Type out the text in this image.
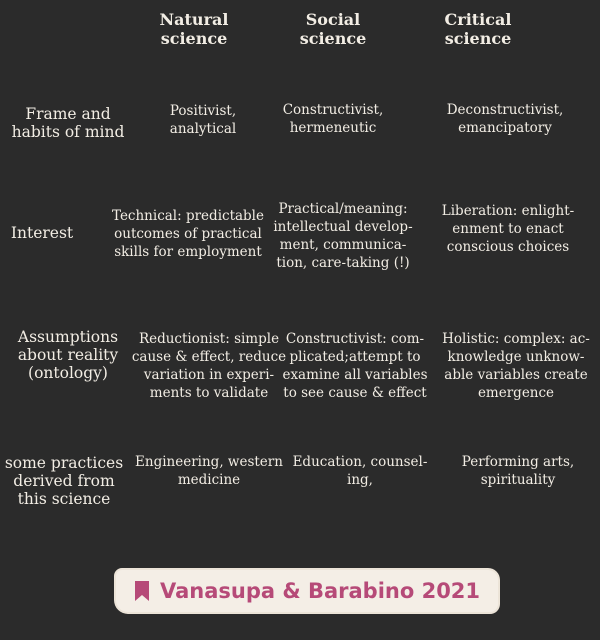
Natural
science
Social
science
Critical
science
Frame and
habits of mind
Positivist,
analytical
Constructivist,
hermeneutic
Deconstructivist,
emancipatory
Interest
Technical: predictable
outcomes of practical
skills for employment
Practical/meaning:
intellectual develop-
ment, communica-
tion, care-taking (!)
Liberation: enlight-
enment to enact
conscious choices
Assumptions
about reality
(ontology)
Reductionist: simple
cause & effect, reduce
variation in experi-
ments to validate
Constructivist: com-
plicated;attempt to
examine all variables
to see cause & effect
Holistic: complex: ac-
knowledge unknow-
able variables create
emergence
some practices
derived from
this science
Engineering, western
medicine
Education, counsel-
ing,
Performing arts,
spirituality
Vanasupa & Barabino 2021
